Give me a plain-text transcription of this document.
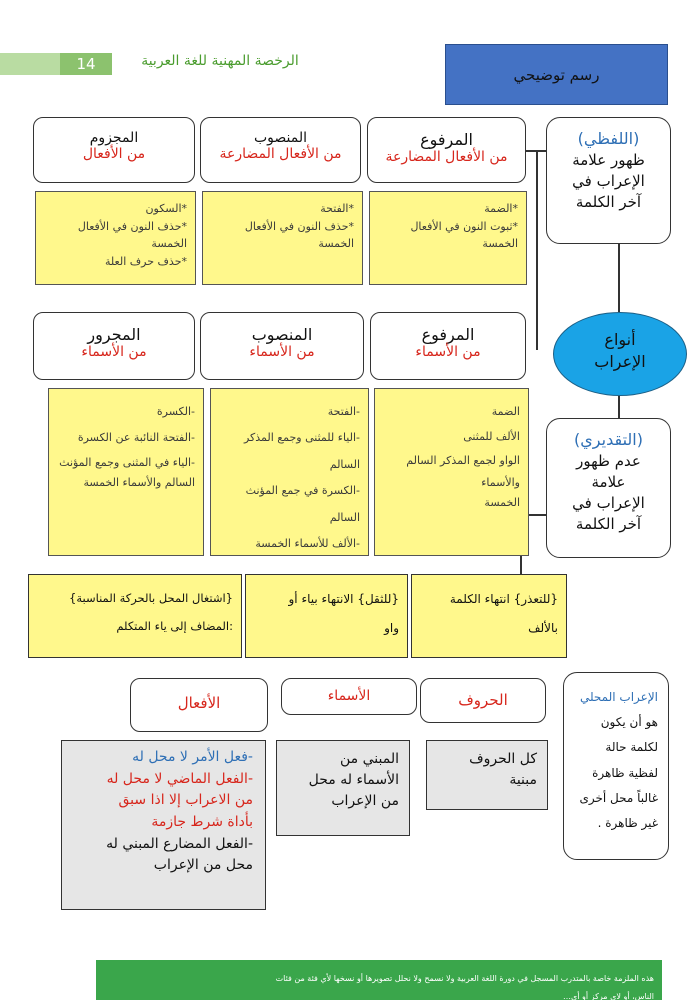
14	الرخصة المهنية للغة العربية
رسم توضيحي
المرفوع
من الأفعال المضارعة
المنصوب
من الأفعال المضارعة
المجزوم
من الأفعال
(اللفظي)
ظهور علامة
الإعراب في
آخر الكلمة
*الضمة
*ثبوت النون في الأفعال
الخمسة
*الفتحة
*حذف النون في الأفعال
الخمسة
*السكون
*حذف النون في الأفعال الخمسة
*حذف حرف العلة
المرفوع
من الأسماء
المنصوب
من الأسماء
المجرور
من الأسماء
أنواع
الإعراب
الضمة
الألف للمثنى
الواو لجمع المذكر السالم والأسماء
الخمسة
-الفتحة
-الياء للمثنى وجمع المذكر السالم
-الكسرة في جمع المؤنث السالم
-الألف للأسماء الخمسة
-الكسرة
-الفتحة النائبة عن الكسرة
-الياء في المثنى وجمع المؤنث
السالم والأسماء الخمسة
(التقديري)
عدم ظهور
علامة
الإعراب في
آخر الكلمة
{للتعذر} انتهاء الكلمة
بالألف
{للثقل} الانتهاء بياء أو
واو
{اشتغال المحل بالحركة المناسبة}
:المضاف إلى ياء المتكلم
الحروف
الأسماء
الأفعال	الإعراب المحلي
هو أن يكون
لكلمة حالة
لفظية ظاهرة
غالباً محل أخرى
غير ظاهرة .
كل الحروف
مبنية
المبني من
الأسماء له محل
من الإعراب
-فعل الأمر لا محل له
-الفعل الماضي لا محل له
من الاعراب إلا اذا سبق
بأداة شرط جازمة
-الفعل المضارع المبني له
محل من الإعراب
هذه الملزمة خاصة بالمتدرب المسجل في دورة اللغة العربية ولا نسمح ولا نحلل تصويرها أو نسخها لأي فئة من فئات
الناس، أو لاي مركز أو أي…
